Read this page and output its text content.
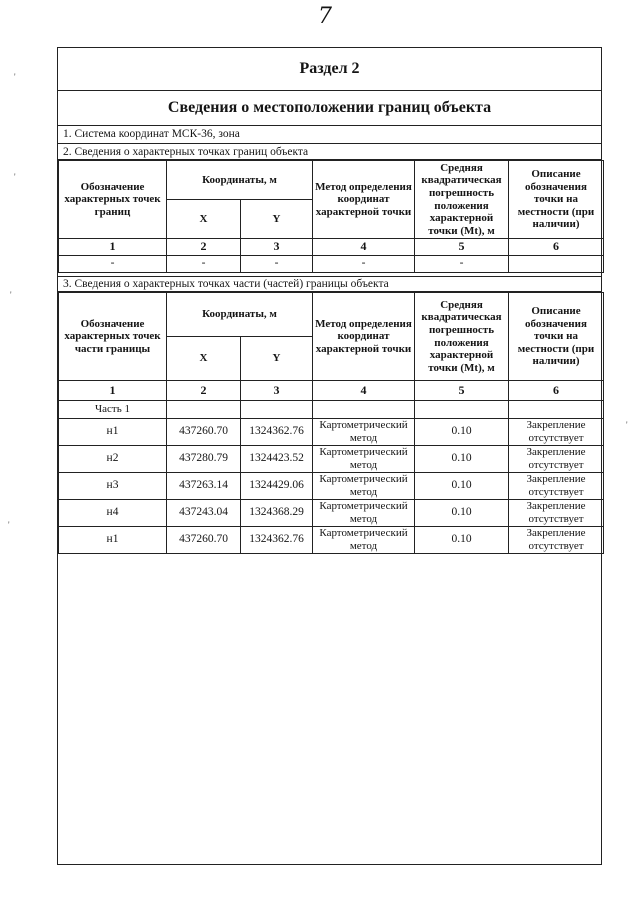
7
Раздел 2
Сведения о местоположении границ объекта
1. Система координат МСК-36, зона
2. Сведения о характерных точках границ объекта
Обозначение характерных точек границ	Координаты, м		Метод определения координат характерной точки	Средняя квадратическая погрешность положения характерной точки (Mt), м	Описание обозначения точки на местности (при наличии)
	X	Y			
1	2	3	4	5	6
-	-	-	-	-	
3. Сведения о характерных точках части (частей) границы объекта
Обозначение характерных точек части границы	Координаты, м		Метод определения координат характерной точки	Средняя квадратическая погрешность положения характерной точки (Mt), м	Описание обозначения точки на местности (при наличии)
	X	Y			
1	2	3	4	5	6
Часть 1					
н1	437260.70	1324362.76	Картометрический метод	0.10	Закрепление отсутствует
н2	437280.79	1324423.52	Картометрический метод	0.10	Закрепление отсутствует
н3	437263.14	1324429.06	Картометрический метод	0.10	Закрепление отсутствует
н4	437243.04	1324368.29	Картометрический метод	0.10	Закрепление отсутствует
н1	437260.70	1324362.76	Картометрический метод	0.10	Закрепление отсутствует
'
'
'
'
'
